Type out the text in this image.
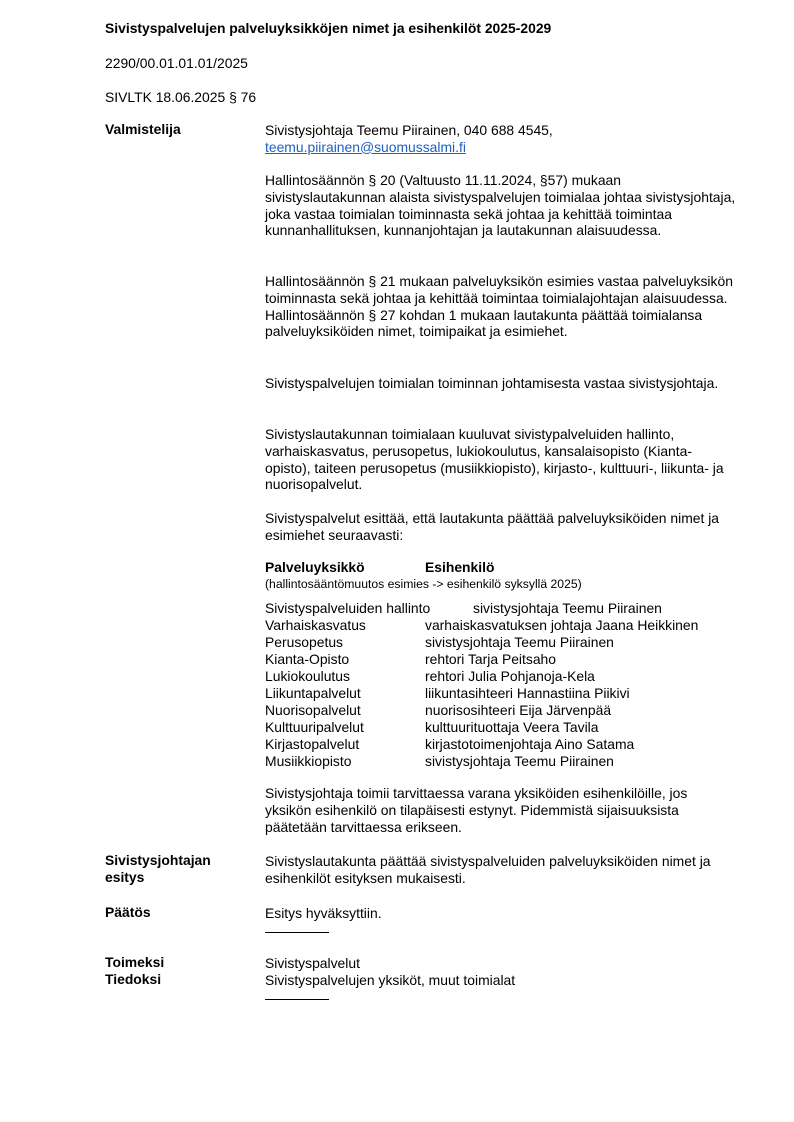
Sivistyspalvelujen palveluyksikköjen nimet ja esihenkilöt 2025-2029
2290/00.01.01.01/2025
SIVLTK 18.06.2025 § 76
Valmistelija	Sivistysjohtaja Teemu Piirainen, 040 688 4545,

teemu.piirainen@suomussalmi.fi

Hallintosäännön § 20 (Valtuusto 11.11.2024, §57) mukaan sivistyslautakunnan alaista sivistyspalvelujen toimialaa johtaa sivistysjohtaja, joka vastaa toimialan toiminnasta sekä johtaa ja kehittää toimintaa kunnanhallituksen, kunnanjohtajan ja lautakunnan alaisuudessa.

Hallintosäännön § 21 mukaan palveluyksikön esimies vastaa palveluyksikön toiminnasta sekä johtaa ja kehittää toimintaa toimialajohtajan alaisuudessa. Hallintosäännön § 27 kohdan 1 mukaan lautakunta päättää toimialansa palveluyksiköiden nimet, toimipaikat ja esimiehet.

Sivistyspalvelujen toimialan toiminnan johtamisesta vastaa sivistysjohtaja.

Sivistyslautakunnan toimialaan kuuluvat sivistypalveluiden hallinto, varhaiskasvatus, perusopetus, lukiokoulutus, kansalaisopisto (Kianta-opisto), taiteen perusopetus (musiikkiopisto), kirjasto-, kulttuuri-, liikunta- ja nuorisopalvelut.

Sivistyspalvelut esittää, että lautakunta päättää palveluyksiköiden nimet ja esimiehet seuraavasti:

Palveluyksikkö	Esihenkilö
(hallintosääntömuutos esimies -> esihenkilö syksyllä 2025)
Sivistyspalveluiden hallinto	sivistysjohtaja Teemu Piirainen
Varhaiskasvatus	varhaiskasvatuksen johtaja Jaana Heikkinen
Perusopetus	sivistysjohtaja Teemu Piirainen
Kianta-Opisto	rehtori Tarja Peitsaho
Lukiokoulutus	rehtori Julia Pohjanoja-Kela
Liikuntapalvelut	liikuntasihteeri Hannastiina Piikivi
Nuorisopalvelut	nuorisosihteeri Eija Järvenpää
Kulttuuripalvelut	kulttuurituottaja Veera Tavila
Kirjastopalvelut	kirjastotoimenjohtaja Aino Satama
Musiikkiopisto	sivistysjohtaja Teemu Piirainen

Sivistysjohtaja toimii tarvittaessa varana yksiköiden esihenkilöille, jos yksikön esihenkilö on tilapäisesti estynyt. Pidemmistä sijaisuuksista päätetään tarvittaessa erikseen.

Sivistysjohtajan
esitys

Sivistyslautakunta päättää sivistyspalveluiden palveluyksiköiden nimet ja esihenkilöt esityksen mukaisesti.

Päätös	Esitys hyväksyttiin.

Toimeksi	Sivistyspalvelut

Tiedoksi	Sivistyspalvelujen yksiköt, muut toimialat
